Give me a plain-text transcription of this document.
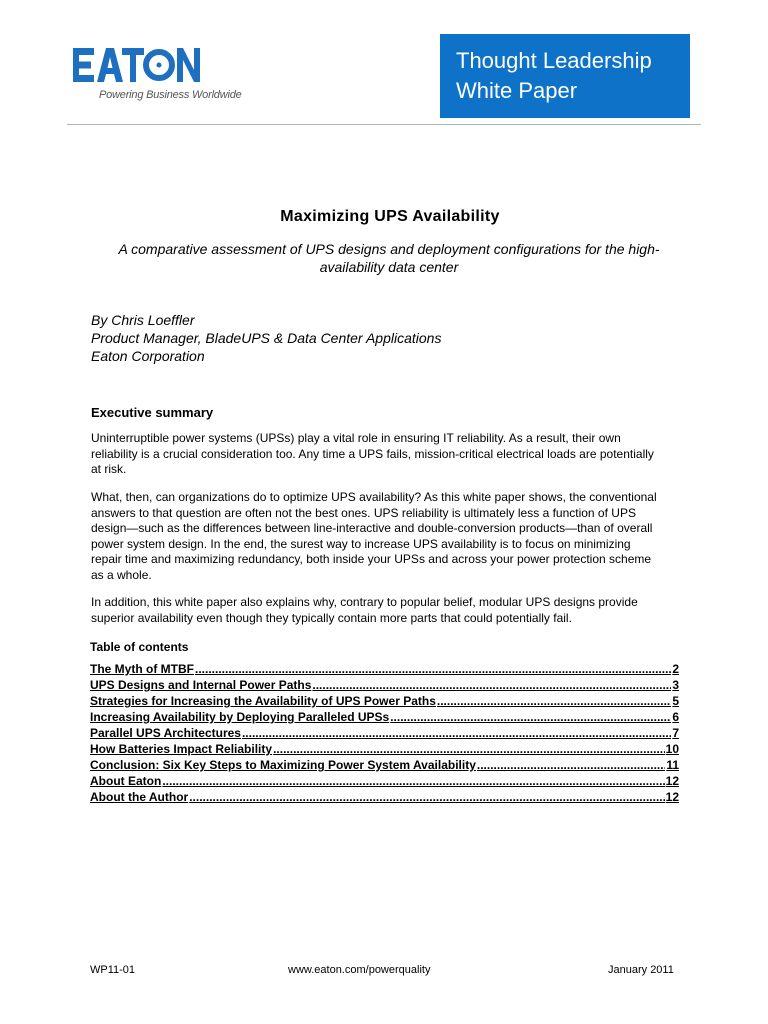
Powering Business Worldwide
Thought Leadership
White Paper
Maximizing UPS Availability
A comparative assessment of UPS designs and deployment configurations for the high-availability data center
By Chris Loeffler
Product Manager, BladeUPS & Data Center Applications
Eaton Corporation
Executive summary
Uninterruptible power systems (UPSs) play a vital role in ensuring IT reliability. As a result, their own
reliability is a crucial consideration too. Any time a UPS fails, mission-critical electrical loads are potentially
at risk.
What, then, can organizations do to optimize UPS availability? As this white paper shows, the conventional
answers to that question are often not the best ones. UPS reliability is ultimately less a function of UPS
design—such as the differences between line-interactive and double-conversion products—than of overall
power system design. In the end, the surest way to increase UPS availability is to focus on minimizing
repair time and maximizing redundancy, both inside your UPSs and across your power protection scheme
as a whole.
In addition, this white paper also explains why, contrary to popular belief, modular UPS designs provide
superior availability even though they typically contain more parts that could potentially fail.
Table of contents
The Myth of MTBF .....	2
UPS Designs and Internal Power Paths .....	3
Strategies for Increasing the Availability of UPS Power Paths .....	5
Increasing Availability by Deploying Paralleled UPSs .....	6
Parallel UPS Architectures .....	7
How Batteries Impact Reliability .....	10
Conclusion: Six Key Steps to Maximizing Power System Availability .....	11
About Eaton .....	12
About the Author .....	12
WP11-01	www.eaton.com/powerquality	January 2011
